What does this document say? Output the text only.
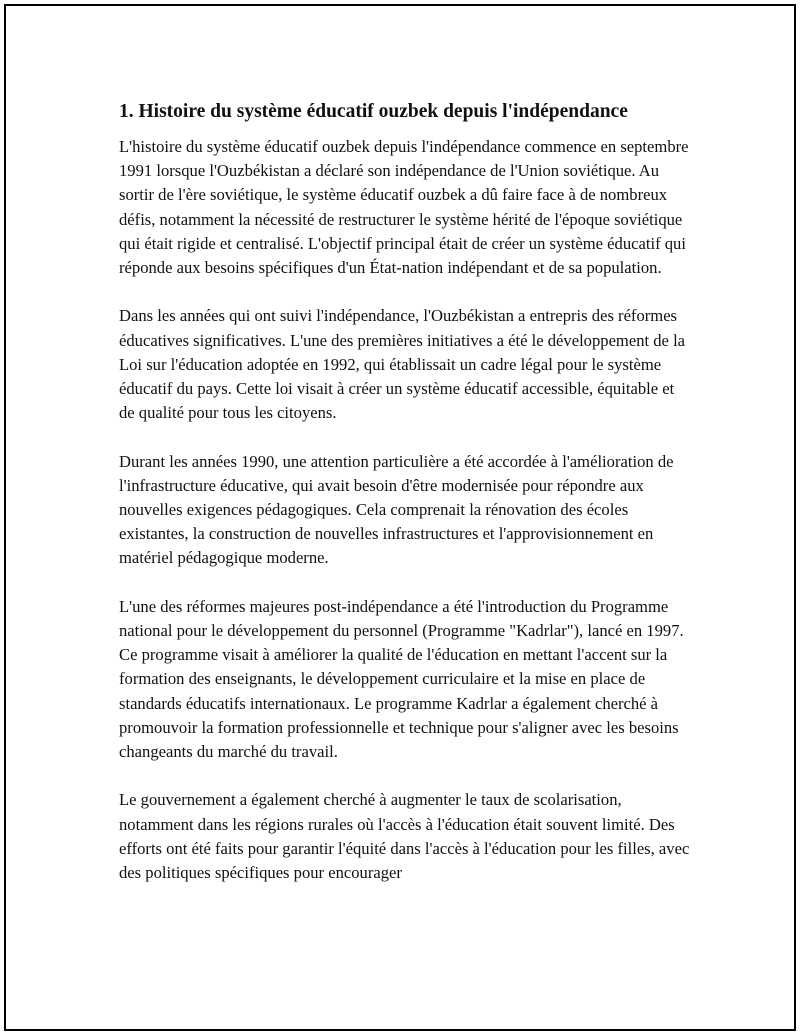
1. Histoire du système éducatif ouzbek depuis l'indépendance

L'histoire du système éducatif ouzbek depuis l'indépendance commence en septembre 1991 lorsque l'Ouzbékistan a déclaré son indépendance de l'Union soviétique. Au sortir de l'ère soviétique, le système éducatif ouzbek a dû faire face à de nombreux défis, notamment la nécessité de restructurer le système hérité de l'époque soviétique qui était rigide et centralisé. L'objectif principal était de créer un système éducatif qui réponde aux besoins spécifiques d'un État-nation indépendant et de sa population.

Dans les années qui ont suivi l'indépendance, l'Ouzbékistan a entrepris des réformes éducatives significatives. L'une des premières initiatives a été le développement de la Loi sur l'éducation adoptée en 1992, qui établissait un cadre légal pour le système éducatif du pays. Cette loi visait à créer un système éducatif accessible, équitable et de qualité pour tous les citoyens.

Durant les années 1990, une attention particulière a été accordée à l'amélioration de l'infrastructure éducative, qui avait besoin d'être modernisée pour répondre aux nouvelles exigences pédagogiques. Cela comprenait la rénovation des écoles existantes, la construction de nouvelles infrastructures et l'approvisionnement en matériel pédagogique moderne.

L'une des réformes majeures post-indépendance a été l'introduction du Programme national pour le développement du personnel (Programme "Kadrlar"), lancé en 1997. Ce programme visait à améliorer la qualité de l'éducation en mettant l'accent sur la formation des enseignants, le développement curriculaire et la mise en place de standards éducatifs internationaux. Le programme Kadrlar a également cherché à promouvoir la formation professionnelle et technique pour s'aligner avec les besoins changeants du marché du travail.

Le gouvernement a également cherché à augmenter le taux de scolarisation, notamment dans les régions rurales où l'accès à l'éducation était souvent limité. Des efforts ont été faits pour garantir l'équité dans l'accès à l'éducation pour les filles, avec des politiques spécifiques pour encourager
